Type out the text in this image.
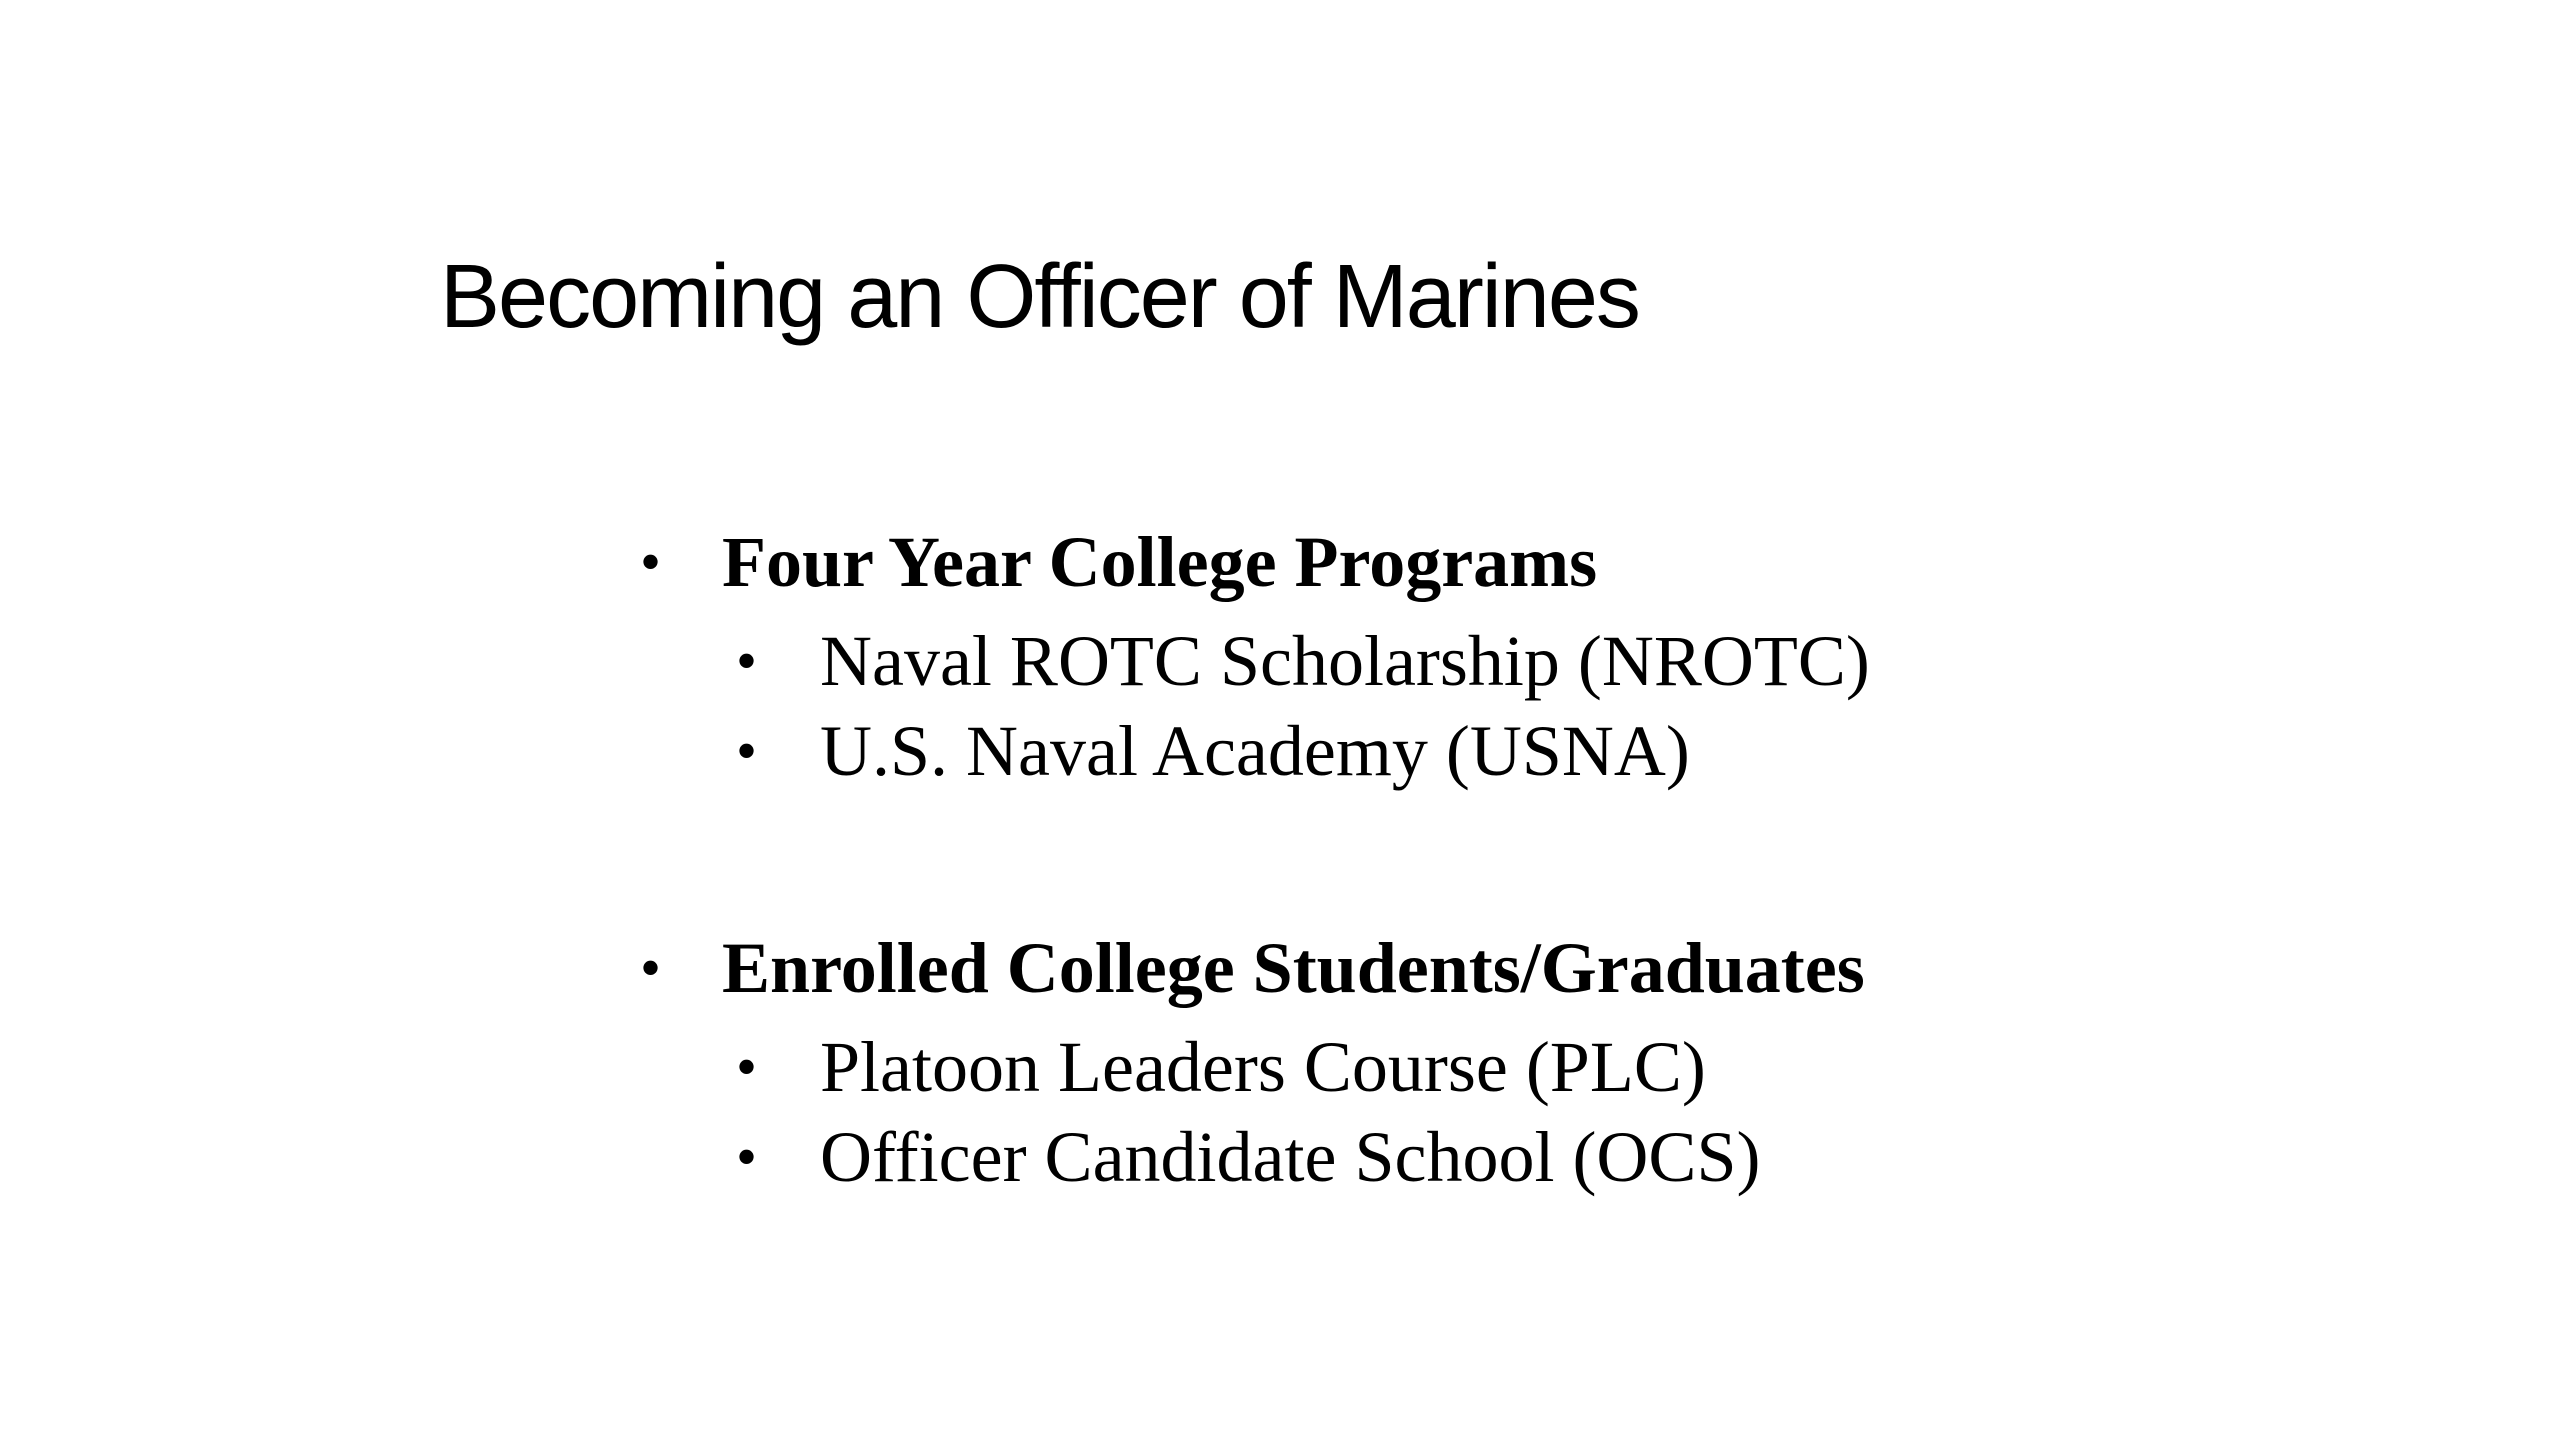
Becoming an Officer of Marines
• Four Year College Programs
• Naval ROTC Scholarship (NROTC)
• U.S. Naval Academy (USNA)
• Enrolled College Students/Graduates
• Platoon Leaders Course (PLC)
• Officer Candidate School (OCS)
